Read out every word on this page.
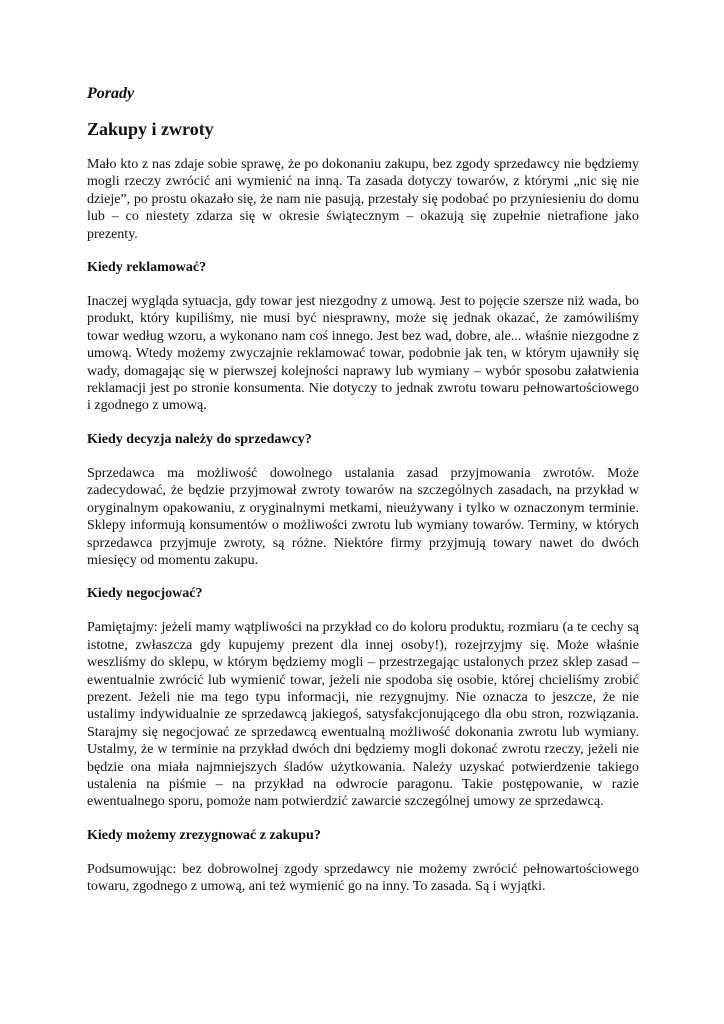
Porady
Zakupy i zwroty

Mało kto z nas zdaje sobie sprawę, że po dokonaniu zakupu, bez zgody sprzedawcy nie będziemy mogli rzeczy zwrócić ani wymienić na inną. Ta zasada dotyczy towarów, z którymi „nic się nie dzieje”, po prostu okazało się, że nam nie pasują, przestały się podobać po przyniesieniu do domu lub – co niestety zdarza się w okresie świątecznym – okazują się zupełnie nietrafione jako prezenty.

Kiedy reklamować?

Inaczej wygląda sytuacja, gdy towar jest niezgodny z umową. Jest to pojęcie szersze niż wada, bo produkt, który kupiliśmy, nie musi być niesprawny, może się jednak okazać, że zamówiliśmy towar według wzoru, a wykonano nam coś innego. Jest bez wad, dobre, ale... właśnie niezgodne z umową. Wtedy możemy zwyczajnie reklamować towar, podobnie jak ten, w którym ujawniły się wady, domagając się w pierwszej kolejności naprawy lub wymiany – wybór sposobu załatwienia reklamacji jest po stronie konsumenta. Nie dotyczy to jednak zwrotu towaru pełnowartościowego i zgodnego z umową.

Kiedy decyzja należy do sprzedawcy?

Sprzedawca ma możliwość dowolnego ustalania zasad przyjmowania zwrotów. Może zadecydować, że będzie przyjmował zwroty towarów na szczególnych zasadach, na przykład w oryginalnym opakowaniu, z oryginalnymi metkami, nieużywany i tylko w oznaczonym terminie. Sklepy informują konsumentów o możliwości zwrotu lub wymiany towarów. Terminy, w których sprzedawca przyjmuje zwroty, są różne. Niektóre firmy przyjmują towary nawet do dwóch miesięcy od momentu zakupu.

Kiedy negocjować?

Pamiętajmy: jeżeli mamy wątpliwości na przykład co do koloru produktu, rozmiaru (a te cechy są istotne, zwłaszcza gdy kupujemy prezent dla innej osoby!), rozejrzyjmy się. Może właśnie weszliśmy do sklepu, w którym będziemy mogli – przestrzegając ustalonych przez sklep zasad – ewentualnie zwrócić lub wymienić towar, jeżeli nie spodoba się osobie, której chcieliśmy zrobić prezent. Jeżeli nie ma tego typu informacji, nie rezygnujmy. Nie oznacza to jeszcze, że nie ustalimy indywidualnie ze sprzedawcą jakiegoś, satysfakcjonującego dla obu stron, rozwiązania. Starajmy się negocjować ze sprzedawcą ewentualną możliwość dokonania zwrotu lub wymiany. Ustalmy, że w terminie na przykład dwóch dni będziemy mogli dokonać zwrotu rzeczy, jeżeli nie będzie ona miała najmniejszych śladów użytkowania. Należy uzyskać potwierdzenie takiego ustalenia na piśmie – na przykład na odwrocie paragonu. Takie postępowanie, w razie ewentualnego sporu, pomoże nam potwierdzić zawarcie szczególnej umowy ze sprzedawcą.

Kiedy możemy zrezygnować z zakupu?

Podsumowując: bez dobrowolnej zgody sprzedawcy nie możemy zwrócić pełnowartościowego towaru, zgodnego z umową, ani też wymienić go na inny. To zasada. Są i wyjątki.
